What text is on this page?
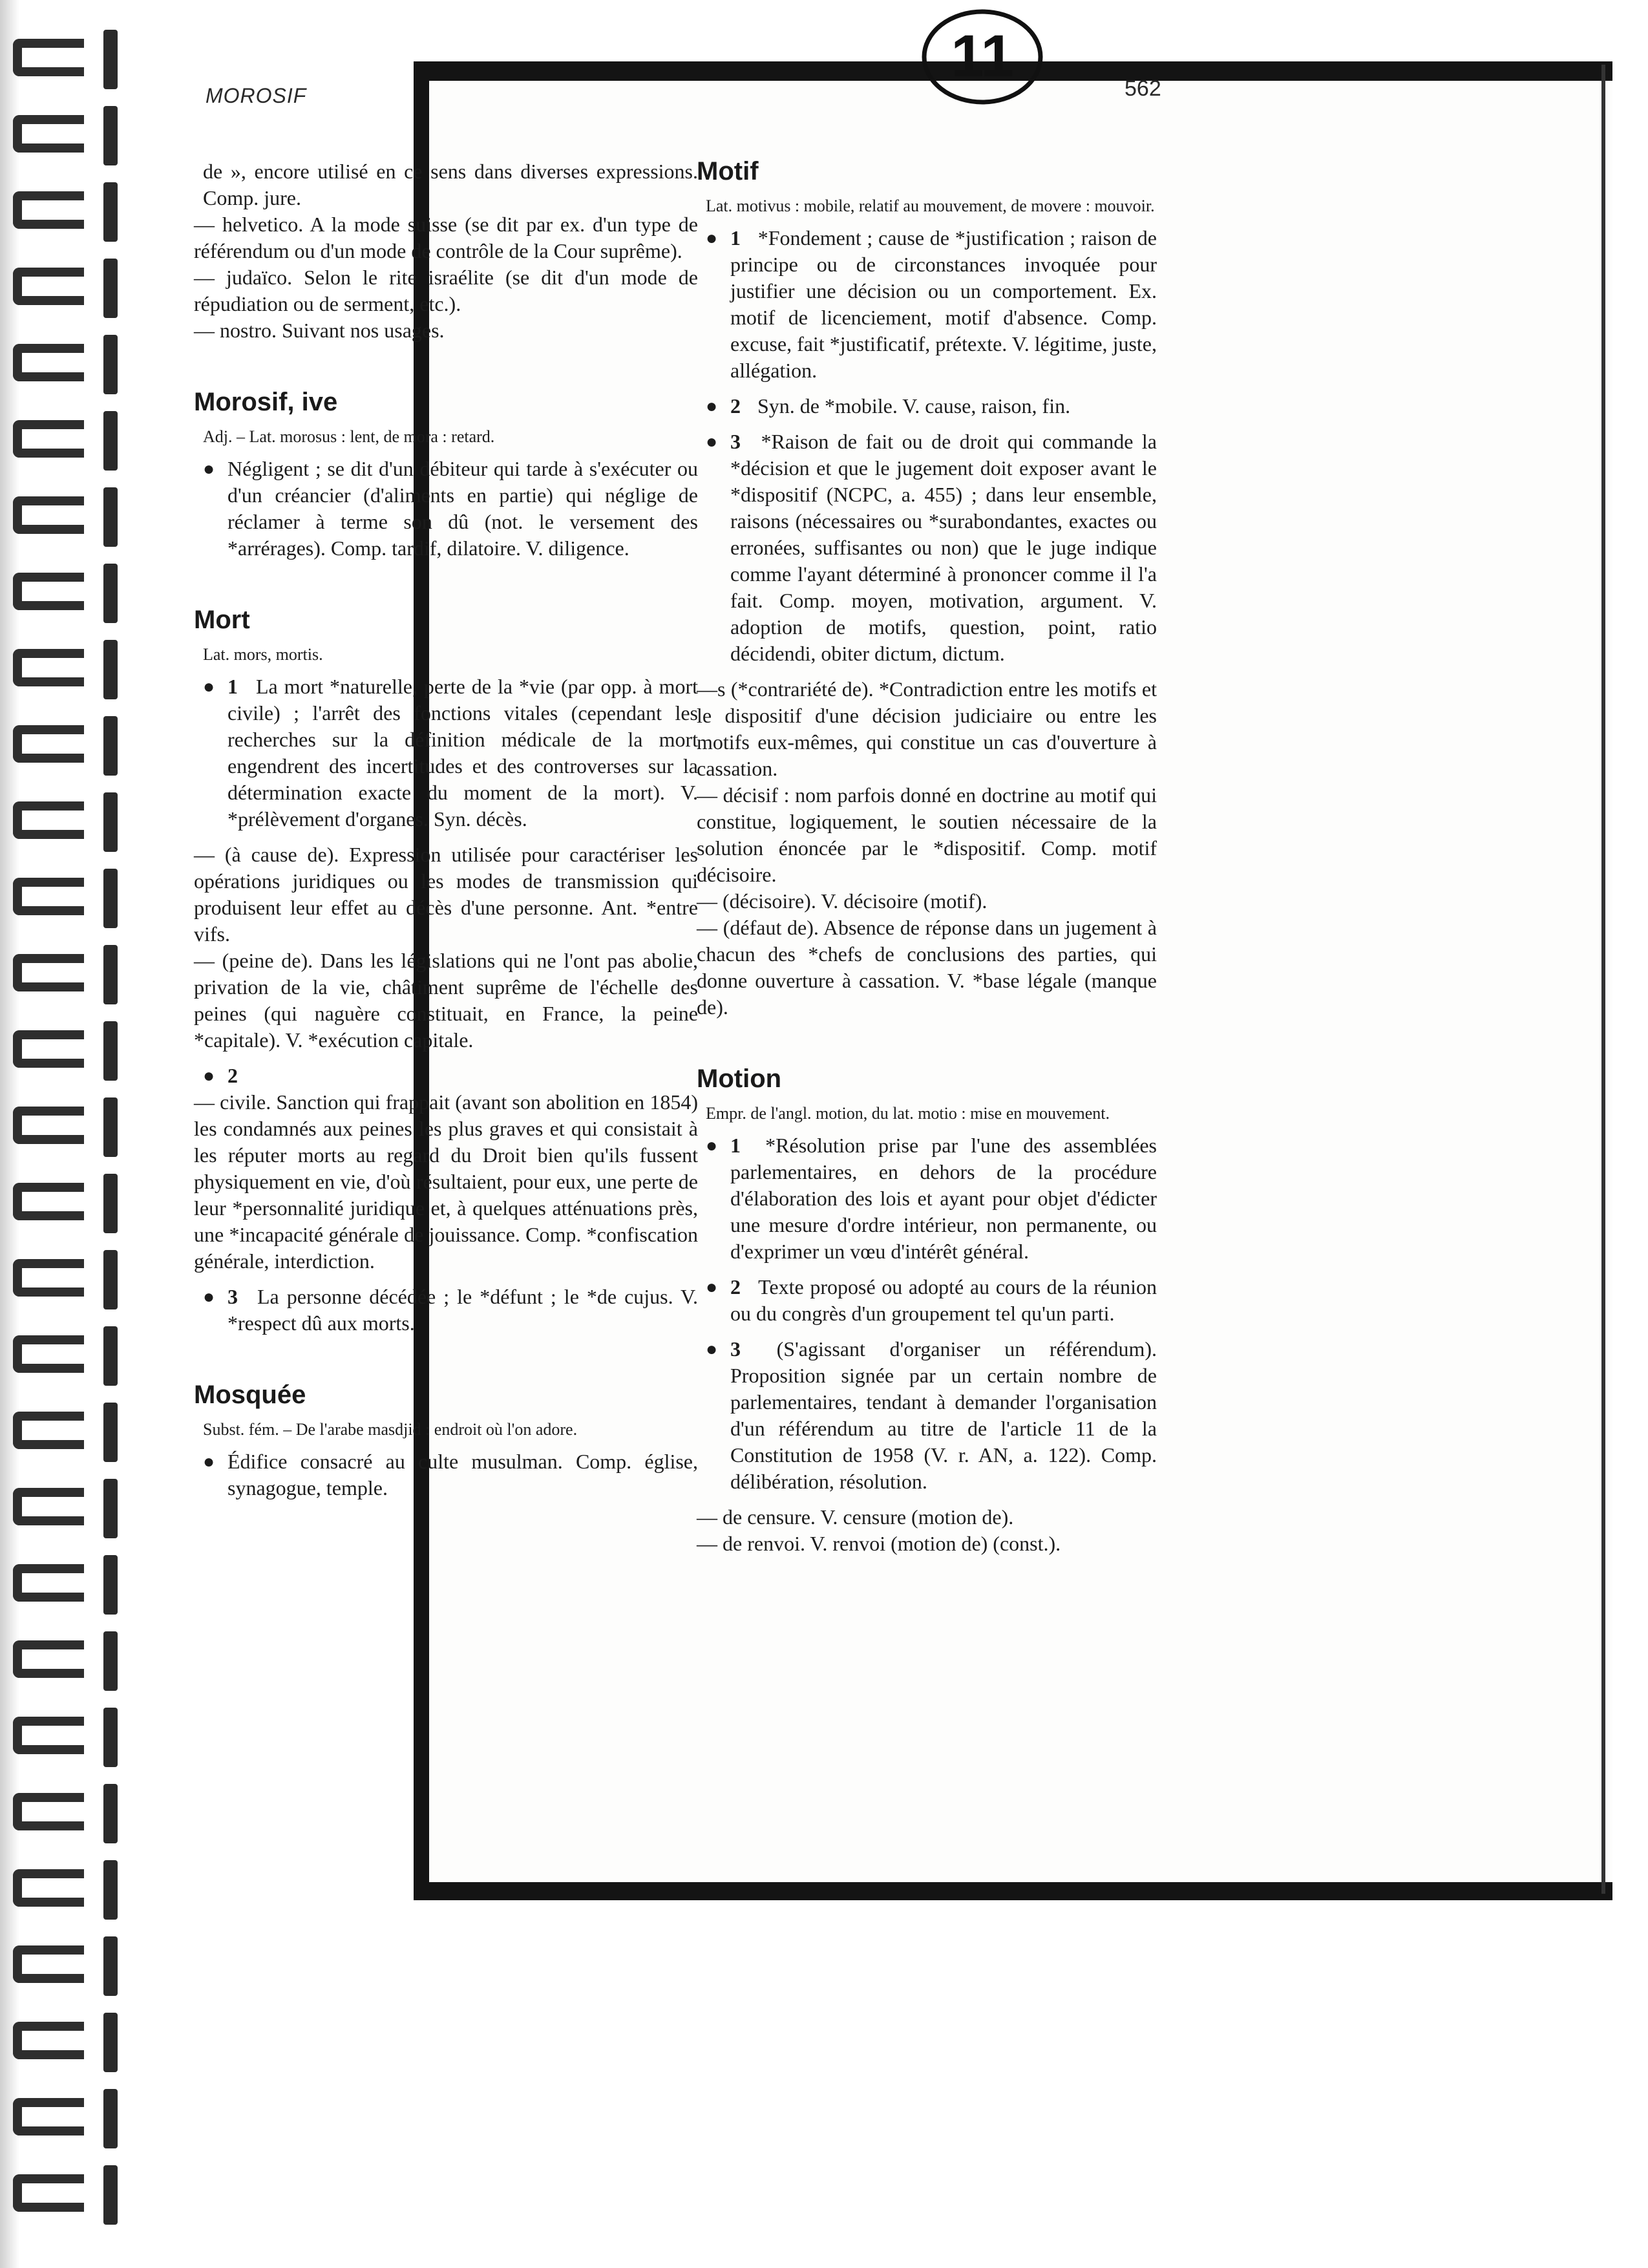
MOROSIF	562
11

de », encore utilisé en ce sens dans diverses expressions. Comp. jure.

— helvetico. A la mode suisse (se dit par ex. d'un type de référendum ou d'un mode de contrôle de la Cour suprême).

— judaïco. Selon le rite israélite (se dit d'un mode de répudiation ou de serment, etc.).

— nostro. Suivant nos usages.

Morosif, ive
Adj. – Lat. morosus : lent, de mora : retard.
● Négligent ; se dit d'un débiteur qui tarde à s'exécuter ou d'un créancier (d'aliments en partie) qui néglige de réclamer à terme son dû (not. le versement des *arrérages). Comp. tardif, dilatoire. V. diligence.
Mort
Lat. mors, mortis.
● 1 La mort *naturelle, perte de la *vie (par opp. à mort civile) ; l'arrêt des fonctions vitales (cependant les recherches sur la définition médicale de la mort engendrent des incertitudes et des controverses sur la détermination exacte du moment de la mort). V. *prélèvement d'organes. Syn. décès.

— (à cause de). Expression utilisée pour caractériser les opérations juridiques ou les modes de transmission qui produisent leur effet au décès d'une personne. Ant. *entre vifs.

— (peine de). Dans les législations qui ne l'ont pas abolie, privation de la vie, châtiment suprême de l'échelle des peines (qui naguère constituait, en France, la peine *capitale). V. *exécution capitale.

● 2

— civile. Sanction qui frappait (avant son abolition en 1854) les condamnés aux peines les plus graves et qui consistait à les réputer morts au regard du Droit bien qu'ils fussent physiquement en vie, d'où résultaient, pour eux, une perte de leur *personnalité juridique et, à quelques atténuations près, une *incapacité générale de jouissance. Comp. *confiscation générale, interdiction.

● 3 La personne décédée ; le *défunt ; le *de cujus. V. *respect dû aux morts.
Mosquée
Subst. fém. – De l'arabe masdjid : endroit où l'on adore.
● Édifice consacré au culte musulman. Comp. église, synagogue, temple.
Motif
Lat. motivus : mobile, relatif au mouvement, de movere : mouvoir.
● 1 *Fondement ; cause de *justification ; raison de principe ou de circonstances invoquée pour justifier une décision ou un comportement. Ex. motif de licenciement, motif d'absence. Comp. excuse, fait *justificatif, prétexte. V. légitime, juste, allégation.
● 2 Syn. de *mobile. V. cause, raison, fin.
● 3 *Raison de fait ou de droit qui commande la *décision et que le jugement doit exposer avant le *dispositif (NCPC, a. 455) ; dans leur ensemble, raisons (nécessaires ou *surabondantes, exactes ou erronées, suffisantes ou non) que le juge indique comme l'ayant déterminé à prononcer comme il l'a fait. Comp. moyen, motivation, argument. V. adoption de motifs, question, point, ratio décidendi, obiter dictum, dictum.

—s (*contrariété de). *Contradiction entre les motifs et le dispositif d'une décision judiciaire ou entre les motifs eux-mêmes, qui constitue un cas d'ouverture à cassation.

— décisif : nom parfois donné en doctrine au motif qui constitue, logiquement, le soutien nécessaire de la solution énoncée par le *dispositif. Comp. motif décisoire.

— (décisoire). V. décisoire (motif).

— (défaut de). Absence de réponse dans un jugement à chacun des *chefs de conclusions des parties, qui donne ouverture à cassation. V. *base légale (manque de).

Motion
Empr. de l'angl. motion, du lat. motio : mise en mouvement.
● 1 *Résolution prise par l'une des assemblées parlementaires, en dehors de la procédure d'élaboration des lois et ayant pour objet d'édicter une mesure d'ordre intérieur, non permanente, ou d'exprimer un vœu d'intérêt général.
● 2 Texte proposé ou adopté au cours de la réunion ou du congrès d'un groupement tel qu'un parti.
● 3 (S'agissant d'organiser un référendum). Proposition signée par un certain nombre de parlementaires, tendant à demander l'organisation d'un référendum au titre de l'article 11 de la Constitution de 1958 (V. r. AN, a. 122). Comp. délibération, résolution.

— de censure. V. censure (motion de).

— de renvoi. V. renvoi (motion de) (const.).
